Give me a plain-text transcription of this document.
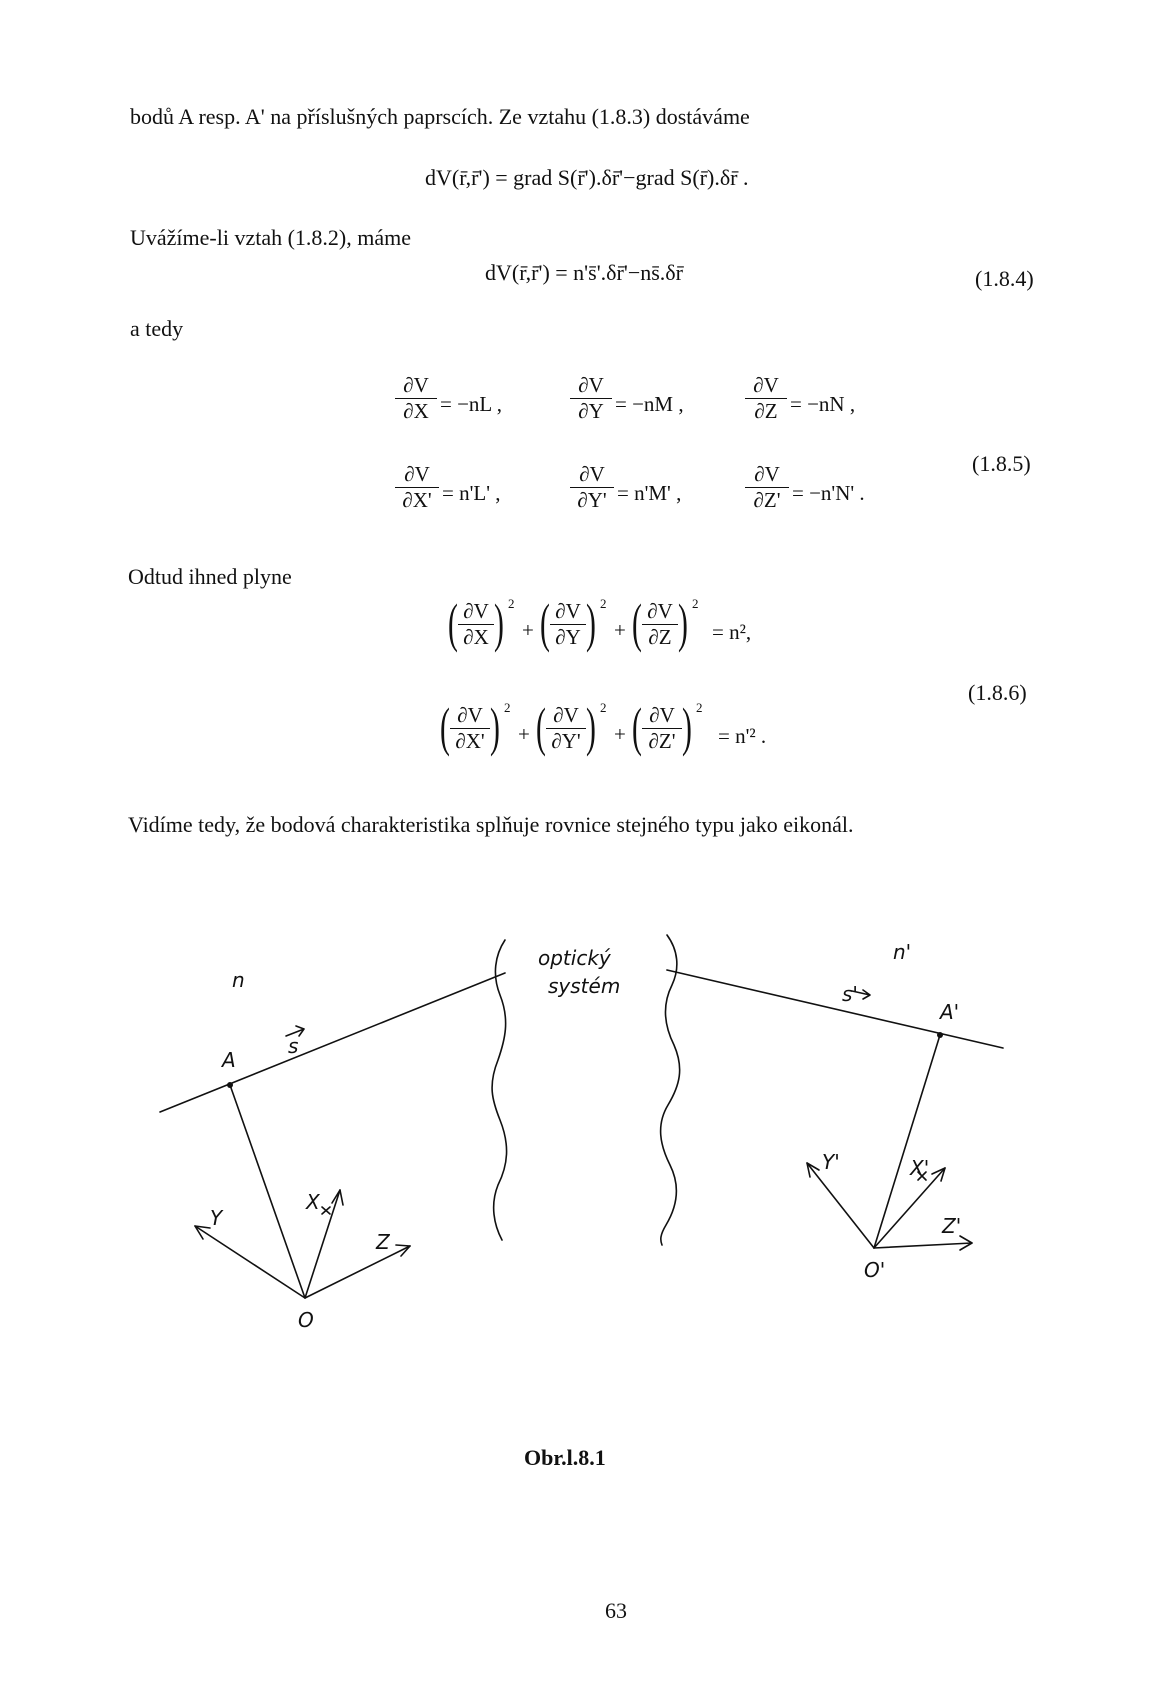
bodů A resp. A' na příslušných paprscích. Ze vztahu (1.8.3) dostáváme
dV(r̄,r̄') = grad S(r̄').δr̄'−grad S(r̄).δr̄ .
Uvážíme-li vztah (1.8.2), máme
dV(r̄,r̄') = n's̄'.δr̄'−ns̄.δr̄	(1.8.4)
a tedy
∂V
∂X = −nL ,
∂V
∂Y = −nM ,
∂V
∂Z = −nN ,
∂V
∂X' = n'L' ,
∂V
∂Y' = n'M' ,
∂V
∂Z' = −n'N' .
(1.8.5)
Odtud ihned plyne
( ∂V
∂X ) 2
+ ( ∂V
∂Y ) 2
+ ( ∂V
∂Z ) 2
= n²,
( ∂V
∂X' ) 2
+ ( ∂V
∂Y' ) 2
+ ( ∂V
∂Z' ) 2
= n'² .
(1.8.6)
Vidíme tedy, že bodová charakteristika splňuje rovnice stejného typu jako eikonál.
n
n'
s
s'
A
A'
O
O'
X
Y
Z
X'
Y'
Z'
optický
systém
Obr.l.8.1
63
